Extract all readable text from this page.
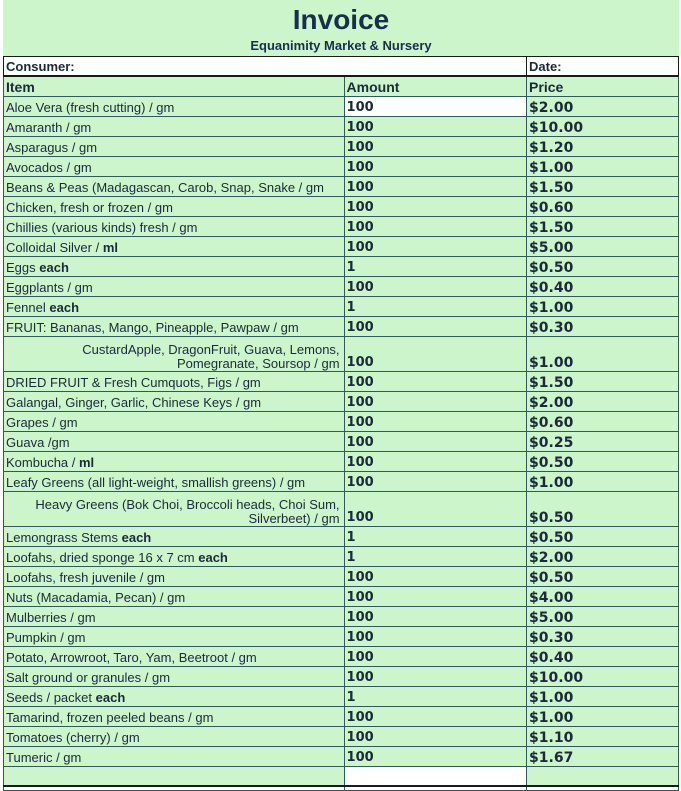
Invoice
Equanimity Market & Nursery
Consumer:		Date:
Item	Amount	Price
Aloe Vera (fresh cutting) / gm	100	$2.00
Amaranth / gm	100	$10.00
Asparagus / gm	100	$1.20
Avocados / gm	100	$1.00
Beans & Peas (Madagascan, Carob, Snap, Snake / gm	100	$1.50
Chicken, fresh or frozen / gm	100	$0.60
Chillies (various kinds) fresh / gm	100	$1.50
Colloidal Silver / ml	100	$5.00
Eggs each	1	$0.50
Eggplants / gm	100	$0.40
Fennel each	1	$1.00
FRUIT: Bananas, Mango, Pineapple, Pawpaw / gm	100	$0.30
CustardApple, DragonFruit, Guava, Lemons, Pomegranate, Soursop / gm	100	$1.00
DRIED FRUIT & Fresh Cumquots, Figs / gm	100	$1.50
Galangal, Ginger, Garlic, Chinese Keys / gm	100	$2.00
Grapes / gm	100	$0.60
Guava /gm	100	$0.25
Kombucha / ml	100	$0.50
Leafy Greens (all light-weight, smallish greens) / gm	100	$1.00
Heavy Greens (Bok Choi, Broccoli heads, Choi Sum, Silverbeet) / gm	100	$0.50
Lemongrass Stems each	1	$0.50
Loofahs, dried sponge 16 x 7 cm each	1	$2.00
Loofahs, fresh juvenile / gm	100	$0.50
Nuts (Macadamia, Pecan) / gm	100	$4.00
Mulberries / gm	100	$5.00
Pumpkin / gm	100	$0.30
Potato, Arrowroot, Taro, Yam, Beetroot / gm	100	$0.40
Salt ground or granules / gm	100	$10.00
Seeds / packet each	1	$1.00
Tamarind, frozen peeled beans / gm	100	$1.00
Tomatoes (cherry) / gm	100	$1.10
Tumeric / gm	100	$1.67
